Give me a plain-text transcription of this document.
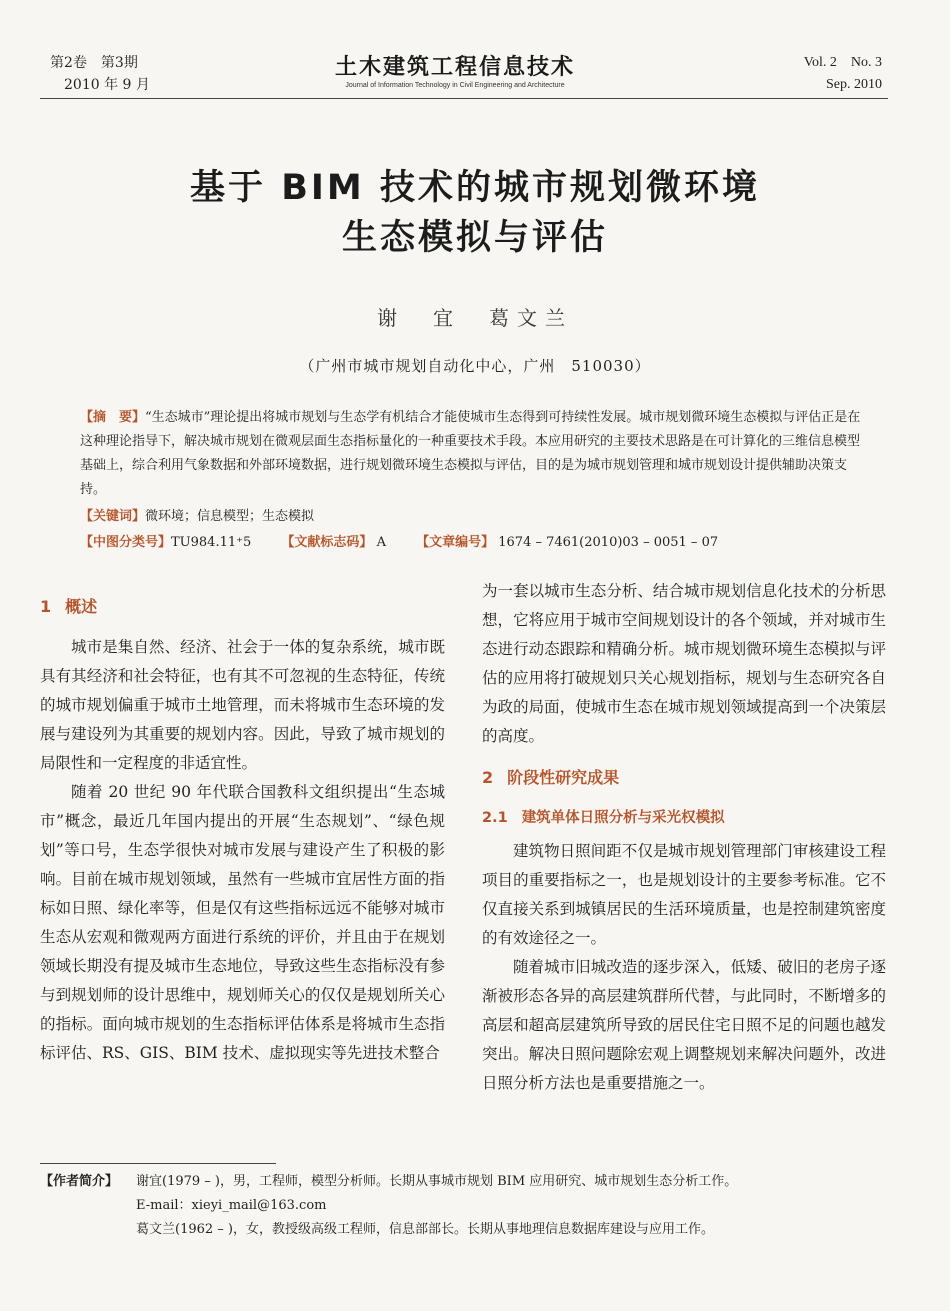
第2卷　第3期
2010 年 9 月
土木建筑工程信息技术
Journal of Information Technology in Civil Engineering and Architecture
Vol. 2　No. 3
Sep. 2010
基于 BIM 技术的城市规划微环境
生态模拟与评估
谢　宜　葛文兰
（广州市城市规划自动化中心，广州　510030）
【摘　要】“生态城市”理论提出将城市规划与生态学有机结合才能使城市生态得到可持续性发展。城市规划微环境生态模拟与评估正是在这种理论指导下，解决城市规划在微观层面生态指标量化的一种重要技术手段。本应用研究的主要技术思路是在可计算化的三维信息模型基础上，综合利用气象数据和外部环境数据，进行规划微环境生态模拟与评估，目的是为城市规划管理和城市规划设计提供辅助决策支持。
【关键词】微环境；信息模型；生态模拟
【中图分类号】TU984.11⁺5 【文献标志码】 A 【文章编号】 1674 – 7461(2010)03 – 0051 – 07
1 概述

城市是集自然、经济、社会于一体的复杂系统，城市既具有其经济和社会特征，也有其不可忽视的生态特征，传统的城市规划偏重于城市土地管理，而未将城市生态环境的发展与建设列为其重要的规划内容。因此，导致了城市规划的局限性和一定程度的非适宜性。

随着 20 世纪 90 年代联合国教科文组织提出“生态城市”概念，最近几年国内提出的开展“生态规划”、“绿色规划”等口号，生态学很快对城市发展与建设产生了积极的影响。目前在城市规划领域，虽然有一些城市宜居性方面的指标如日照、绿化率等，但是仅有这些指标远远不能够对城市生态从宏观和微观两方面进行系统的评价，并且由于在规划领域长期没有提及城市生态地位，导致这些生态指标没有参与到规划师的设计思维中，规划师关心的仅仅是规划所关心的指标。面向城市规划的生态指标评估体系是将城市生态指标评估、RS、GIS、BIM 技术、虚拟现实等先进技术整合

为一套以城市生态分析、结合城市规划信息化技术的分析思想，它将应用于城市空间规划设计的各个领域，并对城市生态进行动态跟踪和精确分析。城市规划微环境生态模拟与评估的应用将打破规划只关心规划指标，规划与生态研究各自为政的局面，使城市生态在城市规划领域提高到一个决策层的高度。

2 阶段性研究成果
2.1 建筑单体日照分析与采光权模拟

建筑物日照间距不仅是城市规划管理部门审核建设工程项目的重要指标之一，也是规划设计的主要参考标准。它不仅直接关系到城镇居民的生活环境质量，也是控制建筑密度的有效途径之一。

随着城市旧城改造的逐步深入，低矮、破旧的老房子逐渐被形态各异的高层建筑群所代替，与此同时，不断增多的高层和超高层建筑所导致的居民住宅日照不足的问题也越发突出。解决日照问题除宏观上调整规划来解决问题外，改进日照分析方法也是重要措施之一。

【作者简介】 谢宜(1979 – )，男，工程师，模型分析师。长期从事城市规划 BIM 应用研究、城市规划生态分析工作。
E-mail：xieyi_mail@163.com
葛文兰(1962 – )，女，教授级高级工程师，信息部部长。长期从事地理信息数据库建设与应用工作。
